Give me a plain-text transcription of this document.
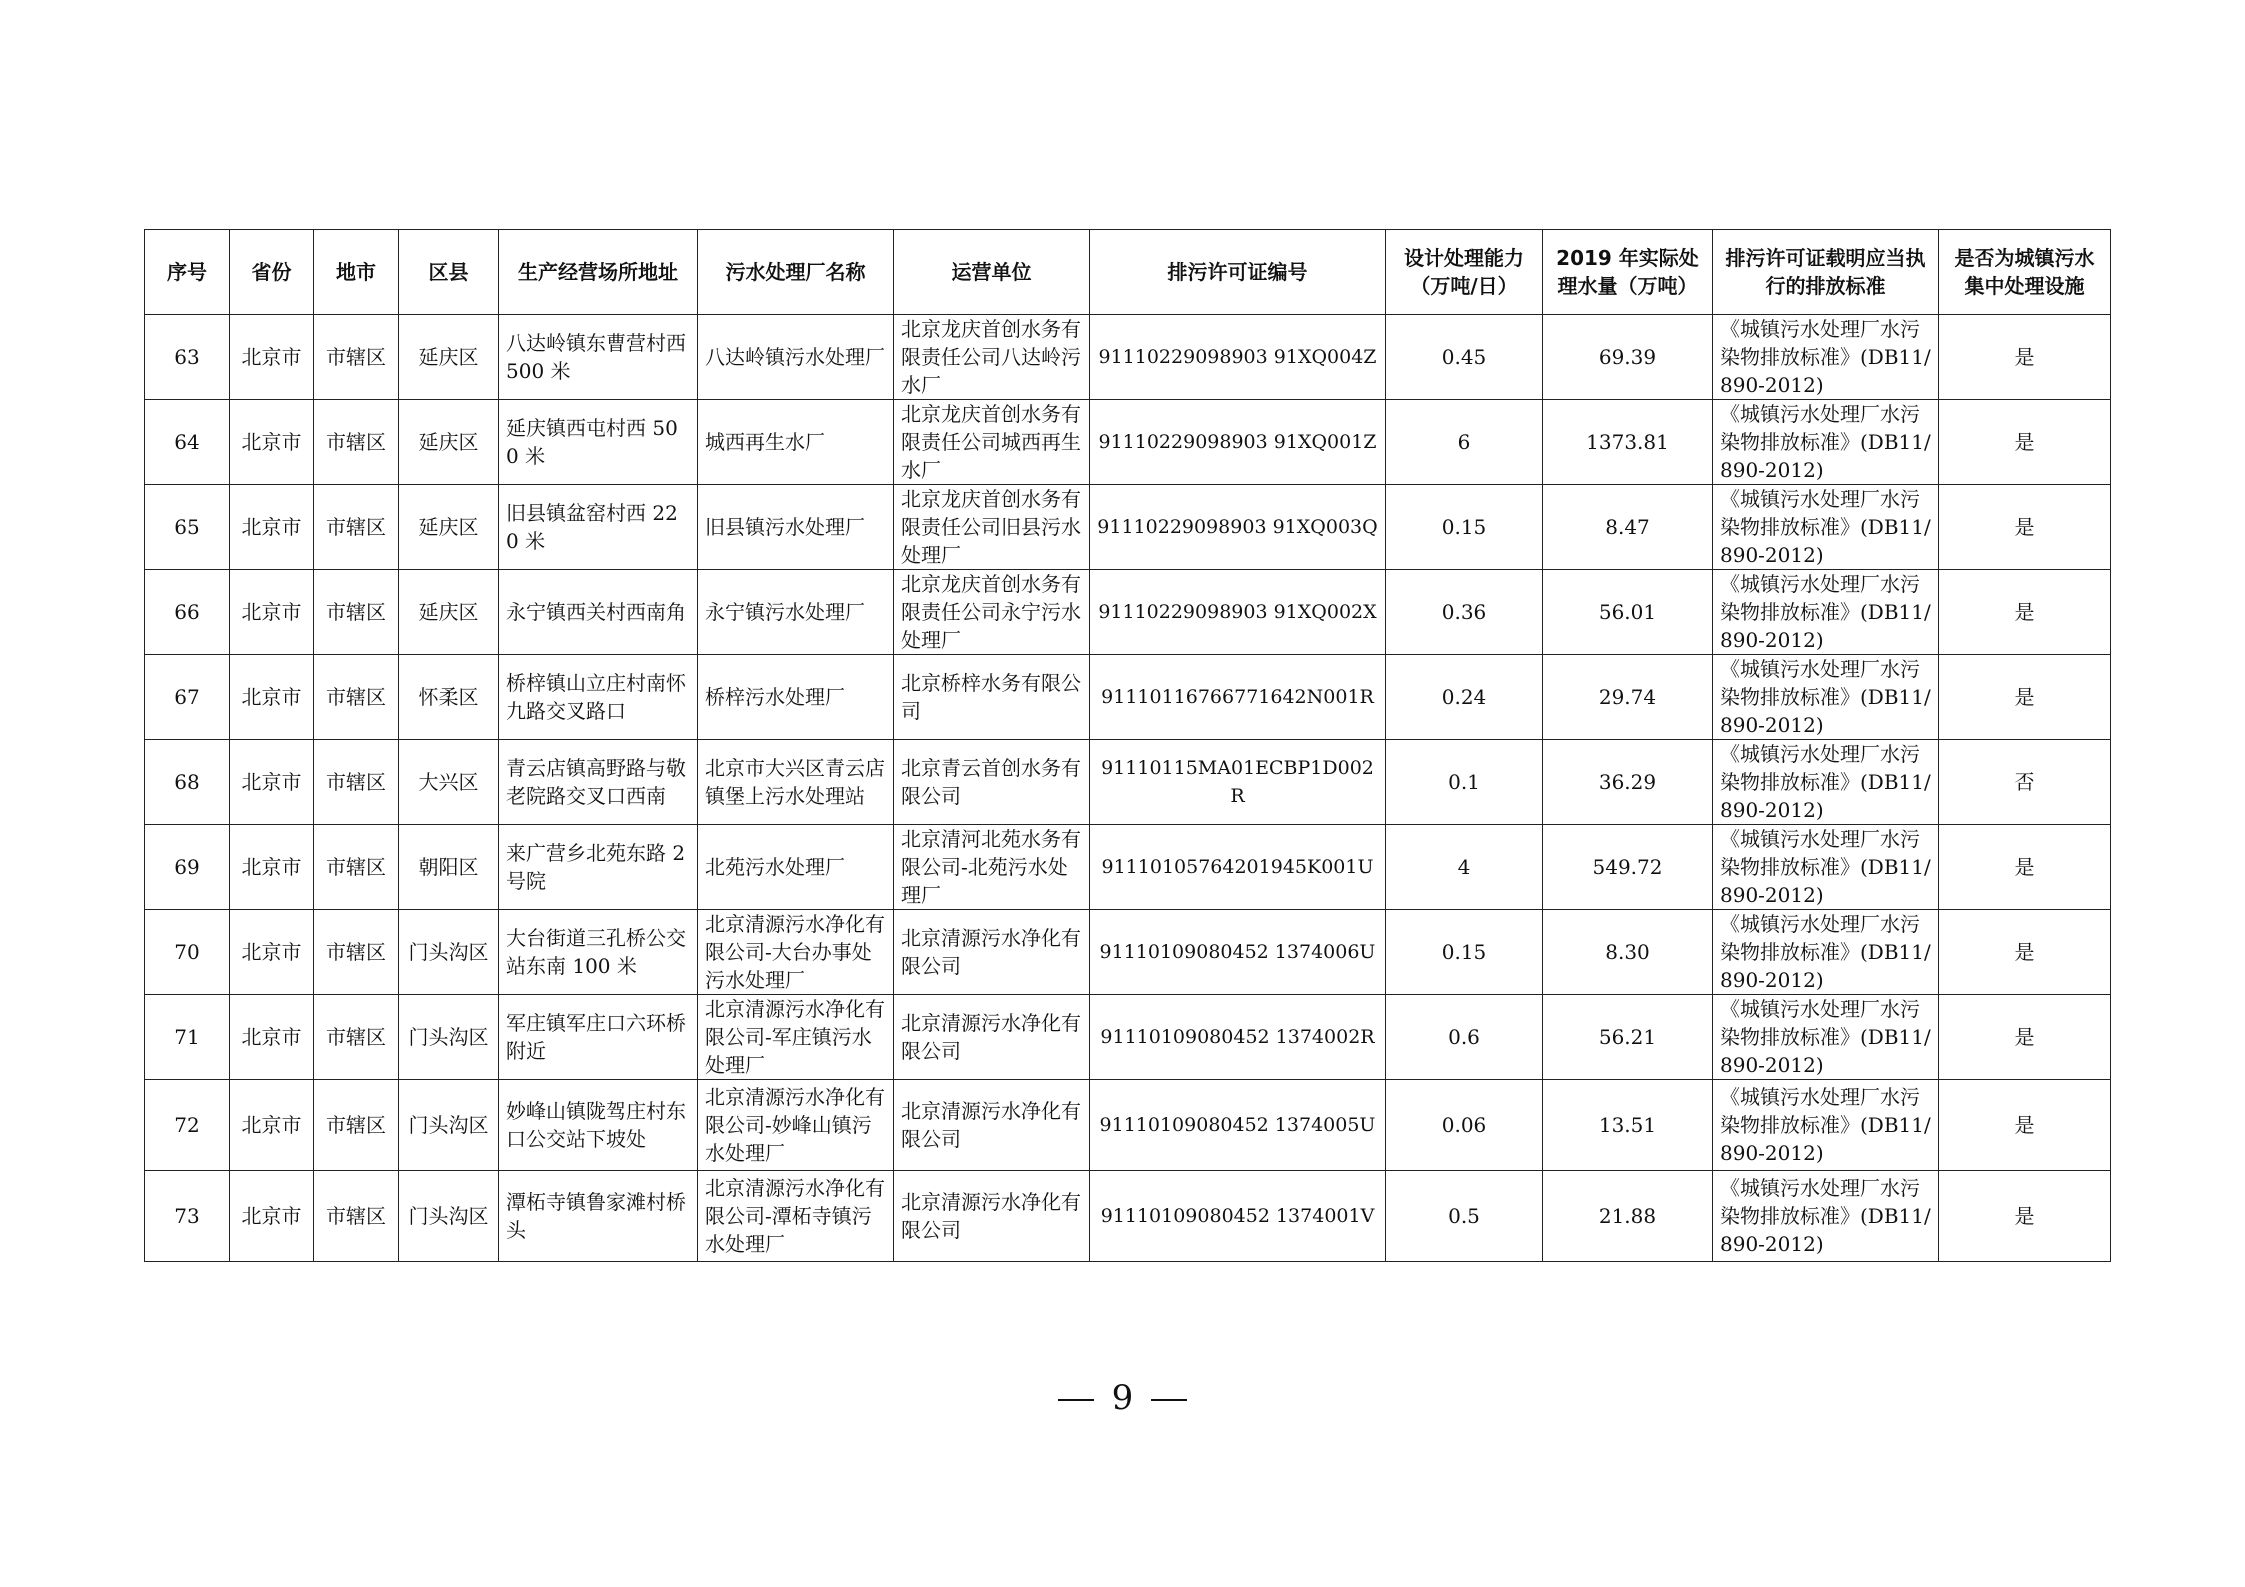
序号	省份	地市	区县	生产经营场所地址	污水处理厂名称	运营单位	排污许可证编号	设计处理能力（万吨/日）	2019 年实际处理水量（万吨）	排污许可证载明应当执行的排放标准	是否为城镇污水集中处理设施
63	北京市	市辖区	延庆区	八达岭镇东曹营村西 500 米	八达岭镇污水处理厂	北京龙庆首创水务有限责任公司八达岭污水厂	91110229098903 91XQ004Z	0.45	69.39	《城镇污水处理厂水污染物排放标准》(DB11/890-2012)	是
64	北京市	市辖区	延庆区	延庆镇西屯村西 500 米	城西再生水厂	北京龙庆首创水务有限责任公司城西再生水厂	91110229098903 91XQ001Z	6	1373.81	《城镇污水处理厂水污染物排放标准》(DB11/890-2012)	是
65	北京市	市辖区	延庆区	旧县镇盆窑村西 220 米	旧县镇污水处理厂	北京龙庆首创水务有限责任公司旧县污水处理厂	91110229098903 91XQ003Q	0.15	8.47	《城镇污水处理厂水污染物排放标准》(DB11/890-2012)	是
66	北京市	市辖区	延庆区	永宁镇西关村西南角	永宁镇污水处理厂	北京龙庆首创水务有限责任公司永宁污水处理厂	91110229098903 91XQ002X	0.36	56.01	《城镇污水处理厂水污染物排放标准》(DB11/890-2012)	是
67	北京市	市辖区	怀柔区	桥梓镇山立庄村南怀九路交叉路口	桥梓污水处理厂	北京桥梓水务有限公司	91110116766771642N001R	0.24	29.74	《城镇污水处理厂水污染物排放标准》(DB11/890-2012)	是
68	北京市	市辖区	大兴区	青云店镇高野路与敬老院路交叉口西南	北京市大兴区青云店镇堡上污水处理站	北京青云首创水务有限公司	91110115MA01ECBP1D002R	0.1	36.29	《城镇污水处理厂水污染物排放标准》(DB11/890-2012)	否
69	北京市	市辖区	朝阳区	来广营乡北苑东路 2 号院	北苑污水处理厂	北京清河北苑水务有限公司-北苑污水处理厂	91110105764201945K001U	4	549.72	《城镇污水处理厂水污染物排放标准》(DB11/890-2012)	是
70	北京市	市辖区	门头沟区	大台街道三孔桥公交站东南 100 米	北京清源污水净化有限公司-大台办事处污水处理厂	北京清源污水净化有限公司	91110109080452 1374006U	0.15	8.30	《城镇污水处理厂水污染物排放标准》(DB11/890-2012)	是
71	北京市	市辖区	门头沟区	军庄镇军庄口六环桥附近	北京清源污水净化有限公司-军庄镇污水处理厂	北京清源污水净化有限公司	91110109080452 1374002R	0.6	56.21	《城镇污水处理厂水污染物排放标准》(DB11/890-2012)	是
72	北京市	市辖区	门头沟区	妙峰山镇陇驾庄村东口公交站下坡处	北京清源污水净化有限公司-妙峰山镇污水处理厂	北京清源污水净化有限公司	91110109080452 1374005U	0.06	13.51	《城镇污水处理厂水污染物排放标准》(DB11/890-2012)	是
73	北京市	市辖区	门头沟区	潭柘寺镇鲁家滩村桥头	北京清源污水净化有限公司-潭柘寺镇污水处理厂	北京清源污水净化有限公司	91110109080452 1374001V	0.5	21.88	《城镇污水处理厂水污染物排放标准》(DB11/890-2012)	是
9
